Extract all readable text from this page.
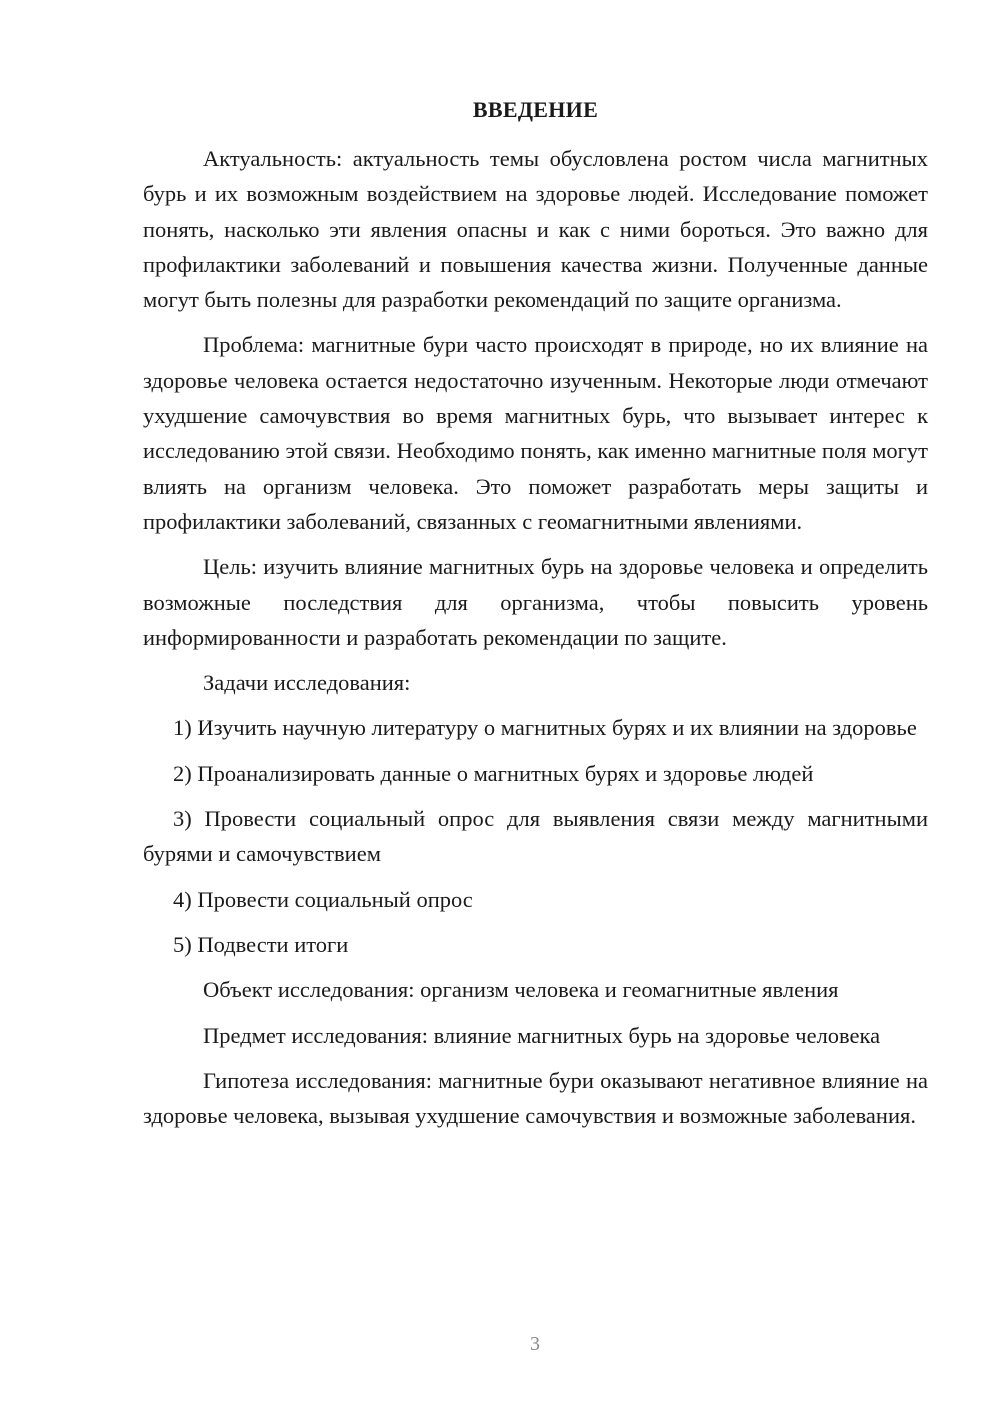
ВВЕДЕНИЕ

Актуальность: актуальность темы обусловлена ростом числа магнитных бурь и их возможным воздействием на здоровье людей. Исследование поможет понять, насколько эти явления опасны и как с ними бороться. Это важно для профилактики заболеваний и повышения качества жизни. Полученные данные могут быть полезны для разработки рекомендаций по защите организма.

Проблема: магнитные бури часто происходят в природе, но их влияние на здоровье человека остается недостаточно изученным. Некоторые люди отмечают ухудшение самочувствия во время магнитных бурь, что вызывает интерес к исследованию этой связи. Необходимо понять, как именно магнитные поля могут влиять на организм человека. Это поможет разработать меры защиты и профилактики заболеваний, связанных с геомагнитными явлениями.

Цель: изучить влияние магнитных бурь на здоровье человека и определить возможные последствия для организма, чтобы повысить уровень информированности и разработать рекомендации по защите.

Задачи исследования:

1) Изучить научную литературу о магнитных бурях и их влиянии на здоровье

2) Проанализировать данные о магнитных бурях и здоровье людей

3) Провести социальный опрос для выявления связи между магнитными бурями и самочувствием

4) Провести социальный опрос

5) Подвести итоги

Объект исследования: организм человека и геомагнитные явления

Предмет исследования: влияние магнитных бурь на здоровье человека

Гипотеза исследования: магнитные бури оказывают негативное влияние на здоровье человека, вызывая ухудшение самочувствия и возможные заболевания.

3
